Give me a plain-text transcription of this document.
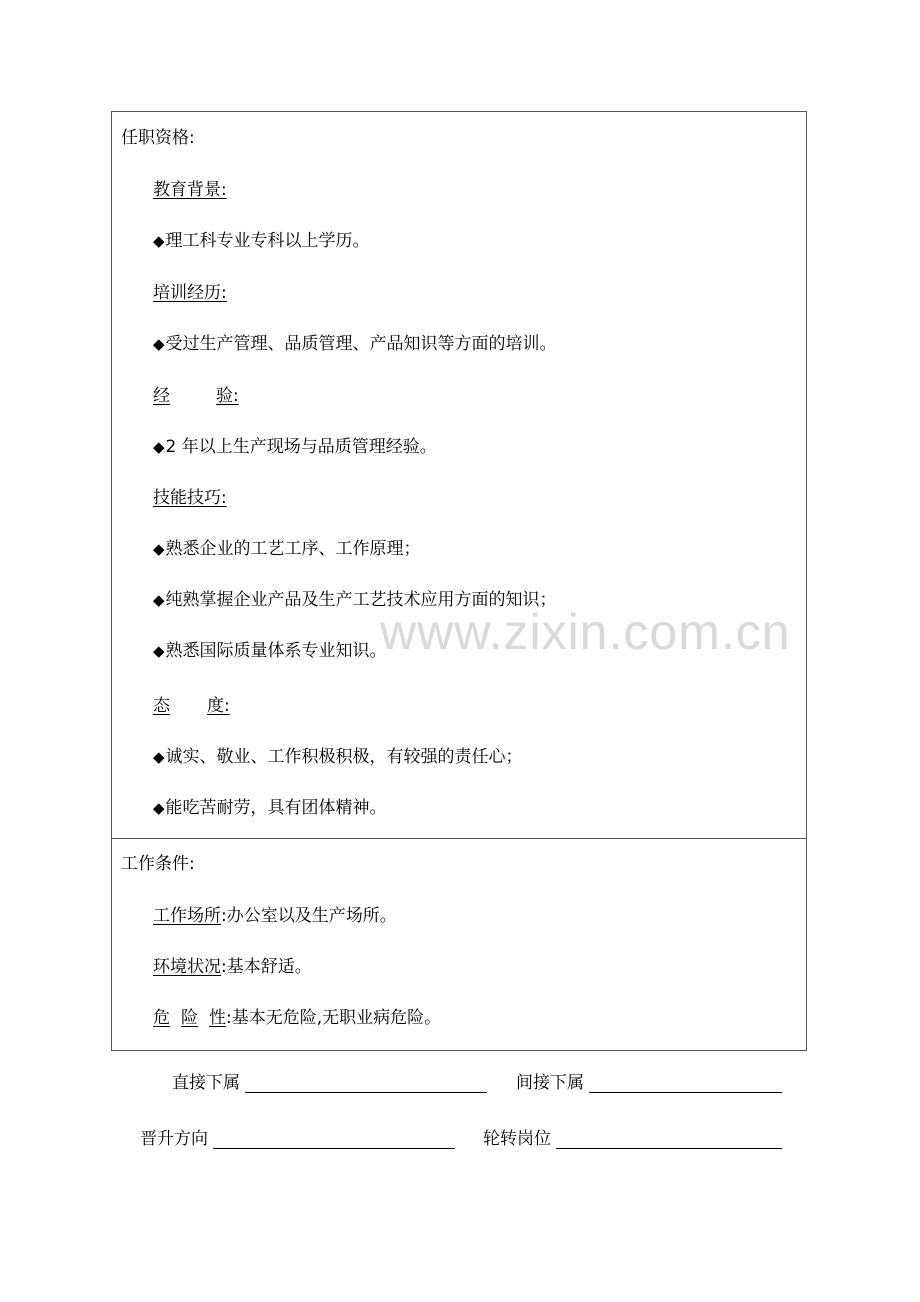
任职资格:
教育背景:
◆理工科专业专科以上学历。
培训经历:
◆受过生产管理、品质管理、产品知识等方面的培训。
经	验:
◆2 年以上生产现场与品质管理经验。
技能技巧:
◆熟悉企业的工艺工序、工作原理；
◆纯熟掌握企业产品及生产工艺技术应用方面的知识；
◆熟悉国际质量体系专业知识。
态 度:
◆诚实、敬业、工作积极积极，有较强的责任心；
◆能吃苦耐劳，具有团体精神。
工作条件:
工作场所:办公室以及生产场所。
环境状况:基本舒适。
危 险 性:基本无危险,无职业病危险。
www.zixin.com.cn
直接下属	间接下属
晋升方向	轮转岗位
